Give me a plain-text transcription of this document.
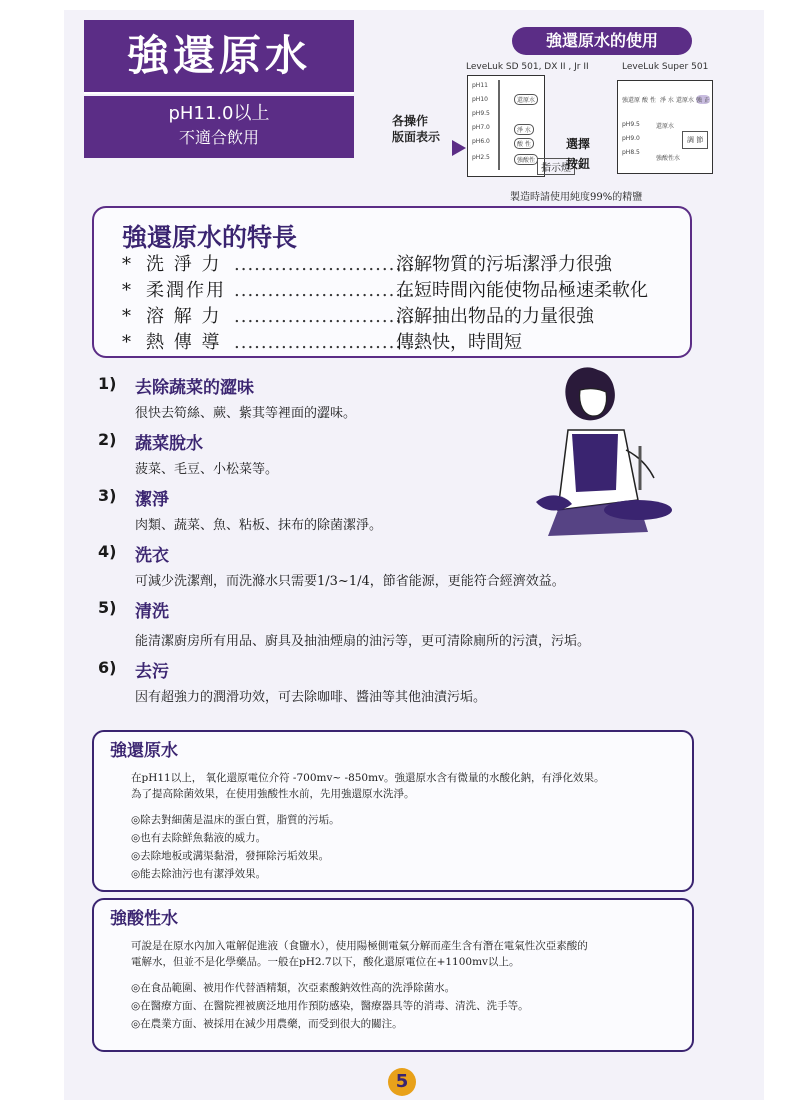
強還原水
pH11.0以上
不適合飲用
強還原水的使用
LeveLuk SD 501, DX II , Jr II	LeveLuk Super 501
各操作
版面表示
pH11
pH10
pH9.5
pH7.0
pH6.0
pH2.5
還原水
淨 水
酸 性
強酸性
指示燈
選擇
按鈕
強還原 酸 性 淨 水 還原水 強 正
pH9.5
pH9.0
pH8.5
還原水
強酸性水
調 節
製造時請使用純度99%的精鹽
強還原水的特長
* 洗 淨 力 ............................溶解物質的污垢潔淨力很強
* 柔潤作用 ............................在短時間內能使物品極速柔軟化
* 溶 解 力 ............................溶解抽出物品的力量很強
* 熱 傳 導 ............................傳熱快，時間短
1) 去除蔬菜的澀味
很快去筍絲、蕨、紫萁等裡面的澀味。
2) 蔬菜脫水
菠菜、毛豆、小松菜等。
3) 潔淨
肉類、蔬菜、魚、粘板、抹布的除菌潔淨。
4) 洗衣
可減少洗潔劑，而洗滌水只需要1/3~1/4，節省能源，更能符合經濟效益。
5) 清洗
能清潔廚房所有用品、廚具及抽油煙扇的油污等，更可清除廁所的污漬，污垢。
6) 去污
因有超強力的潤滑功效，可去除咖啡、醬油等其他油漬污垢。
強還原水
在pH11以上， 氧化還原電位介符 -700mv~ -850mv。強還原水含有微量的水酸化鈉，有淨化效果。
為了提高除菌效果，在使用強酸性水前，先用強還原水洗淨。
◎除去對細菌是温床的蛋白質，脂質的污垢。
◎也有去除鮮魚黏液的威力。
◎去除地板或溝渠黏滑，發揮除污垢效果。
◎能去除油污也有潔淨效果。
強酸性水
可說是在原水內加入電解促進液（食鹽水），使用陽極側電氣分解而產生含有潛在電氣性次亞素酸的
電解水，但並不是化學藥品。一般在pH2.7以下，酸化還原電位在+1100mv以上。
◎在食品範圍、被用作代替酒精類，次亞素酸鈉效性高的洗淨除菌水。
◎在醫療方面、在醫院裡被廣泛地用作預防感染，醫療器具等的消毒、清洗、洗手等。
◎在農業方面、被採用在減少用農藥，而受到很大的關注。
5
